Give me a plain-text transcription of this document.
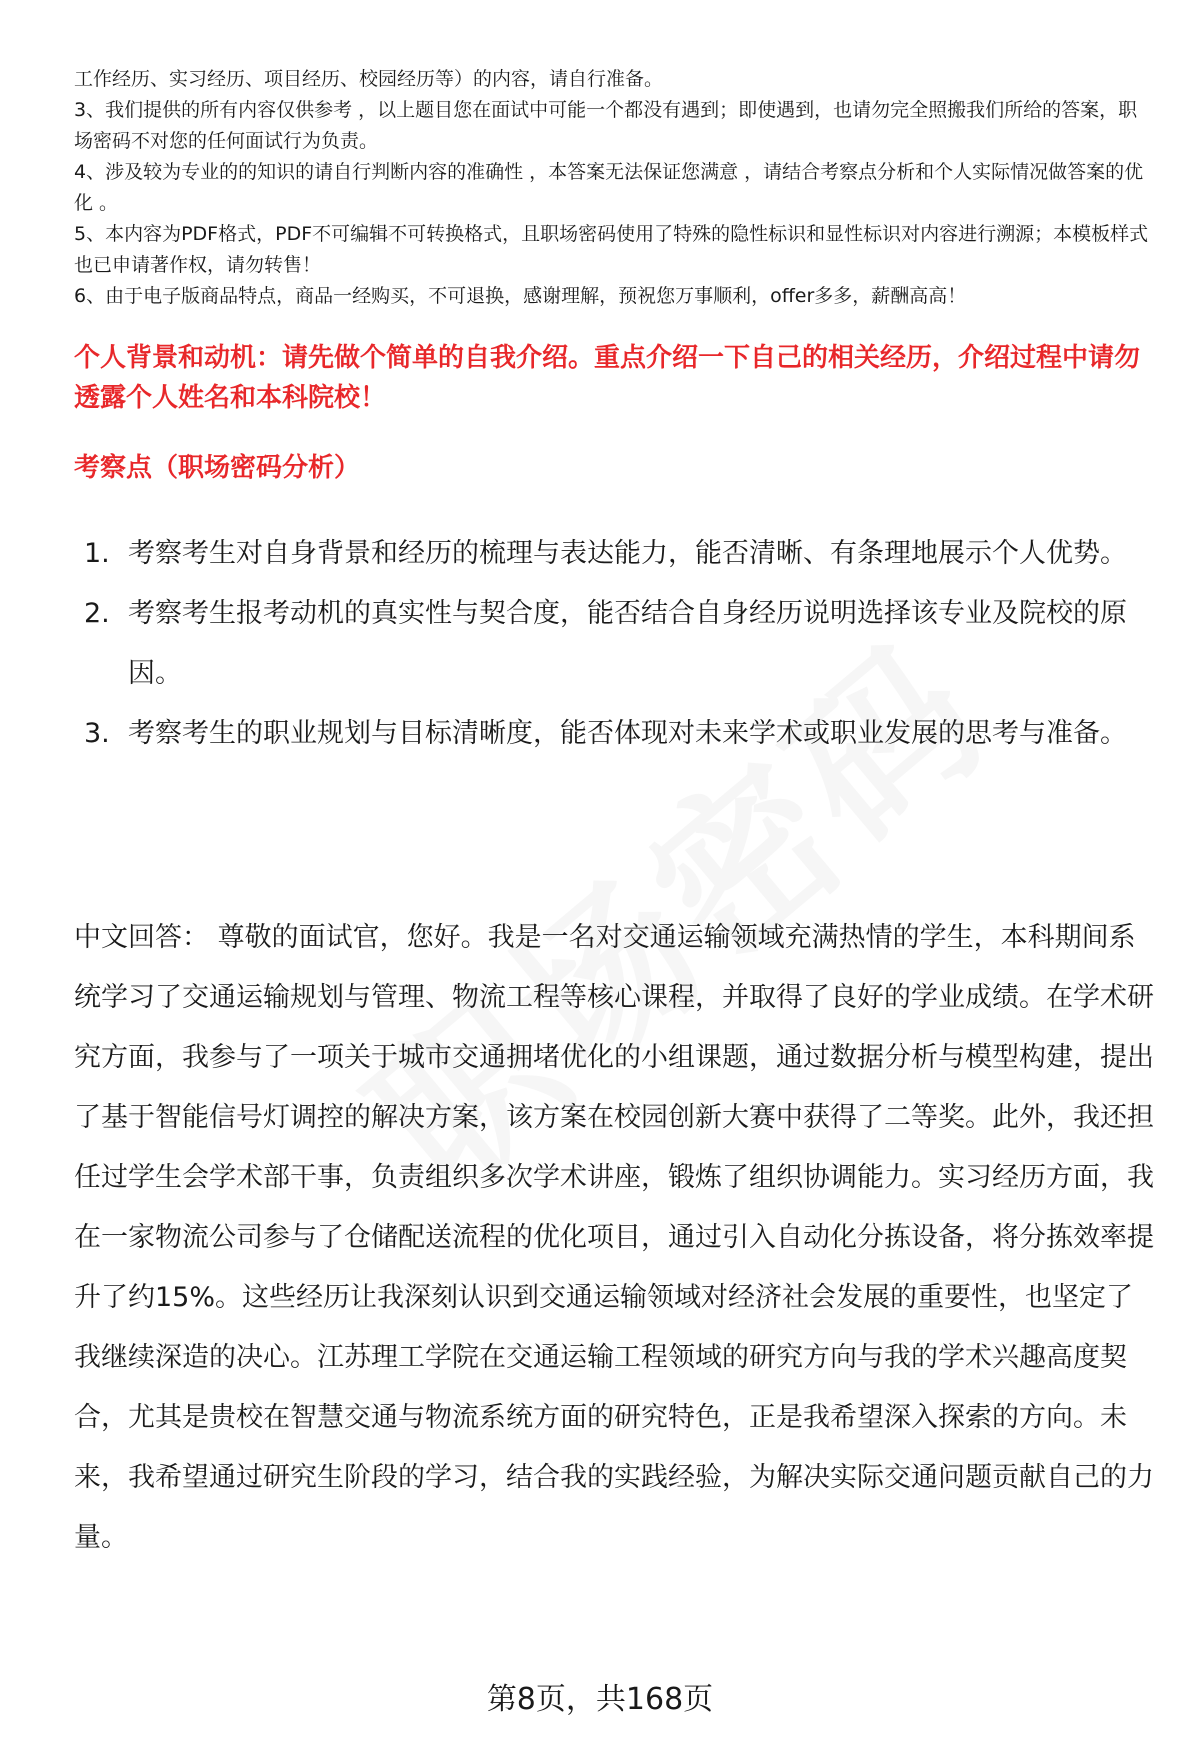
工作经历、实习经历、项目经历、校园经历等）的内容，请自行准备。

3、我们提供的所有内容仅供参考 ，以上题目您在面试中可能一个都没有遇到；即使遇到，也请勿完全照搬我们所给的答案，职场密码不对您的任何面试行为负责。

4、涉及较为专业的的知识的请自行判断内容的准确性 ，本答案无法保证您满意 ，请结合考察点分析和个人实际情况做答案的优化 。

5、本内容为PDF格式，PDF不可编辑不可转换格式，且职场密码使用了特殊的隐性标识和显性标识对内容进行溯源；本模板样式也已申请著作权，请勿转售！

6、由于电子版商品特点，商品一经购买，不可退换，感谢理解，预祝您万事顺利，offer多多，薪酬高高！

个人背景和动机：请先做个简单的自我介绍。重点介绍一下自己的相关经历，介绍过程中请勿透露个人姓名和本科院校！
考察点（职场密码分析）
1. 考察考生对自身背景和经历的梳理与表达能力，能否清晰、有条理地展示个人优势。
2. 考察考生报考动机的真实性与契合度，能否结合自身经历说明选择该专业及院校的原因。
3. 考察考生的职业规划与目标清晰度，能否体现对未来学术或职业发展的思考与准备。

中文回答： 尊敬的面试官，您好。我是一名对交通运输领域充满热情的学生，本科期间系统学习了交通运输规划与管理、物流工程等核心课程，并取得了良好的学业成绩。在学术研究方面，我参与了一项关于城市交通拥堵优化的小组课题，通过数据分析与模型构建，提出了基于智能信号灯调控的解决方案，该方案在校园创新大赛中获得了二等奖。此外，我还担任过学生会学术部干事，负责组织多次学术讲座，锻炼了组织协调能力。实习经历方面，我在一家物流公司参与了仓储配送流程的优化项目，通过引入自动化分拣设备，将分拣效率提升了约15%。这些经历让我深刻认识到交通运输领域对经济社会发展的重要性，也坚定了我继续深造的决心。江苏理工学院在交通运输工程领域的研究方向与我的学术兴趣高度契合，尤其是贵校在智慧交通与物流系统方面的研究特色，正是我希望深入探索的方向。未来，我希望通过研究生阶段的学习，结合我的实践经验，为解决实际交通问题贡献自己的力量。

第8页，共168页
